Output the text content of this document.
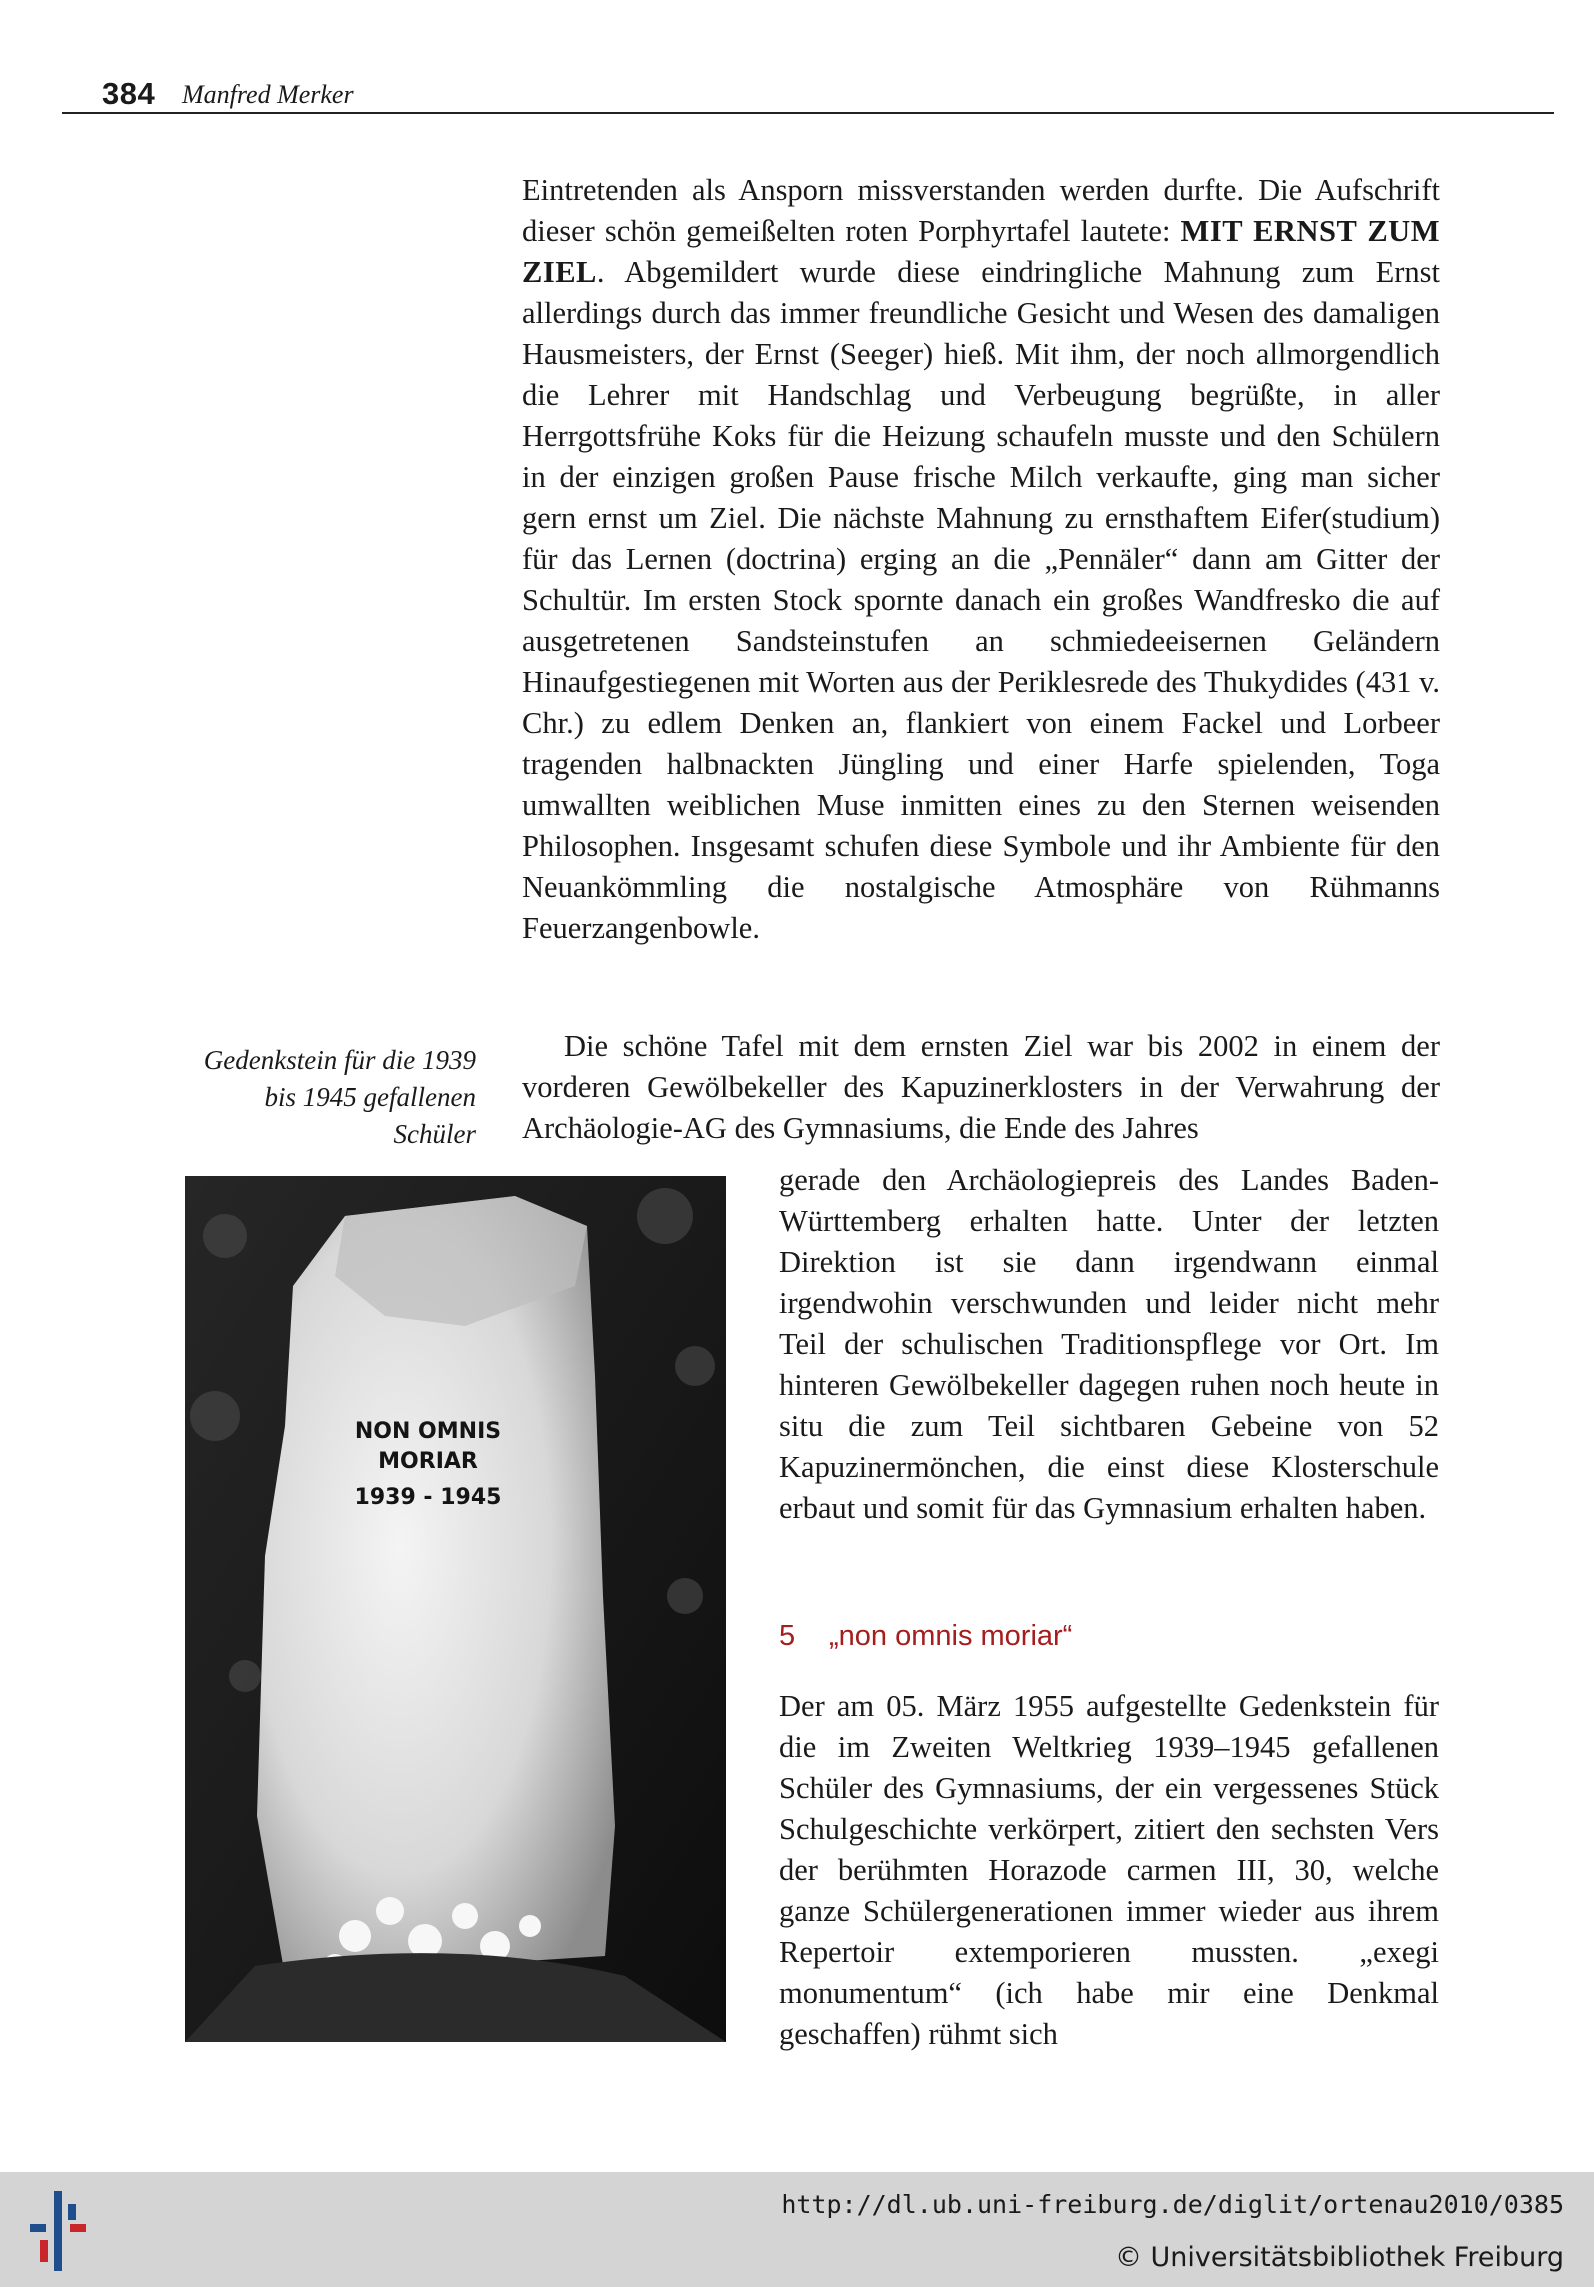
384 Manfred Merker

Eintretenden als Ansporn missverstanden werden durfte. Die Aufschrift dieser schön gemeißelten roten Porphyrtafel lautete: MIT ERNST ZUM ZIEL. Abgemildert wurde diese eindringliche Mahnung zum Ernst allerdings durch das immer freundliche Gesicht und Wesen des damaligen Hausmeisters, der Ernst (Seeger) hieß. Mit ihm, der noch allmorgendlich die Lehrer mit Handschlag und Verbeugung begrüßte, in aller Herrgottsfrühe Koks für die Heizung schaufeln musste und den Schülern in der einzigen großen Pause frische Milch verkaufte, ging man sicher gern ernst um Ziel. Die nächste Mahnung zu ernsthaftem Eifer(studium) für das Lernen (doctrina) erging an die „Pennäler“ dann am Gitter der Schultür. Im ersten Stock spornte danach ein großes Wandfresko die auf ausgetretenen Sandsteinstufen an schmiedeeisernen Geländern Hinaufgestiegenen mit Worten aus der Periklesrede des Thukydides (431 v. Chr.) zu edlem Denken an, flankiert von einem Fackel und Lorbeer tragenden halbnackten Jüngling und einer Harfe spielenden, Toga umwallten weiblichen Muse inmitten eines zu den Sternen weisenden Philosophen. Insgesamt schufen diese Symbole und ihr Ambiente für den Neuankömmling die nostalgische Atmosphäre von Rühmanns Feuerzangenbowle.

Gedenkstein für die 1939 bis 1945 gefallenen Schüler

Die schöne Tafel mit dem ernsten Ziel war bis 2002 in einem der vorderen Gewölbekeller des Kapuzinerklosters in der Verwahrung der Archäologie-AG des Gymnasiums, die Ende des Jahres

NON OMNIS
MORIAR
1939 - 1945

gerade den Archäologiepreis des Landes Baden-Württemberg erhalten hatte. Unter der letzten Direktion ist sie dann irgendwann einmal irgendwohin verschwunden und leider nicht mehr Teil der schulischen Traditionspflege vor Ort. Im hinteren Gewölbekeller dagegen ruhen noch heute in situ die zum Teil sichtbaren Gebeine von 52 Kapuzinermönchen, die einst diese Klosterschule erbaut und somit für das Gymnasium erhalten haben.

5 „non omnis moriar“

Der am 05. März 1955 aufgestellte Gedenkstein für die im Zweiten Weltkrieg 1939–1945 gefallenen Schüler des Gymnasiums, der ein vergessenes Stück Schulgeschichte verkörpert, zitiert den sechsten Vers der berühmten Horazode carmen III, 30, welche ganze Schülergenerationen immer wieder aus ihrem Repertoir extemporieren mussten. „exegi monumentum“ (ich habe mir eine Denkmal geschaffen) rühmt sich

http://dl.ub.uni-freiburg.de/diglit/ortenau2010/0385
© Universitätsbibliothek Freiburg
